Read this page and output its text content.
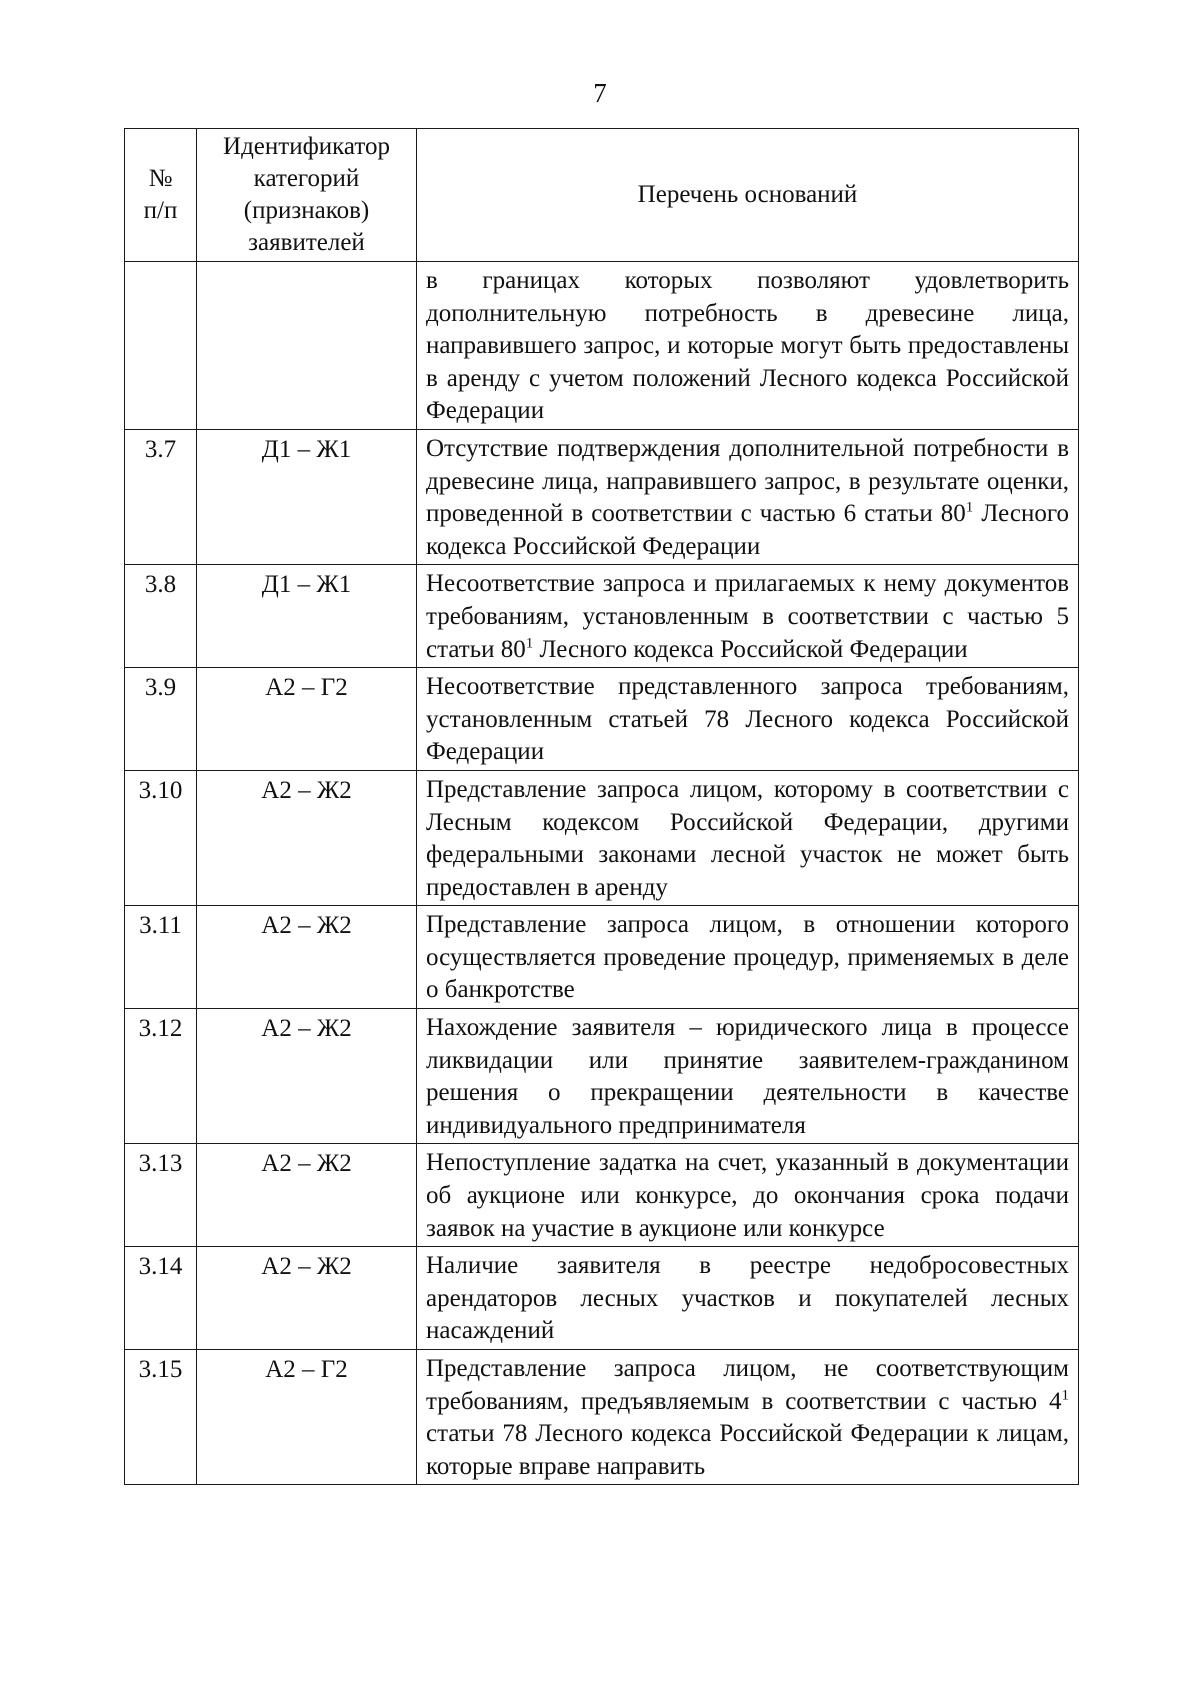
7
№ п/п	Идентификатор категорий (признаков) заявителей	Перечень оснований

		в границах которых позволяют удовлетворить дополнительную потребность в древесине лица, направившего запрос, и которые могут быть предоставлены в аренду с учетом положений Лесного кодекса Российской Федерации
3.7	Д1 – Ж1	Отсутствие подтверждения дополнительной потребности в древесине лица, направившего запрос, в результате оценки, проведенной в соответствии с частью 6 статьи $80^1$ Лесного кодекса Российской Федерации
3.8	Д1 – Ж1	Несоответствие запроса и прилагаемых к нему документов требованиям, установленным в соответствии с частью 5 статьи $80^1$ Лесного кодекса Российской Федерации
3.9	А2 – Г2	Несоответствие представленного запроса требованиям, установленным статьей 78 Лесного кодекса Российской Федерации
3.10	А2 – Ж2	Представление запроса лицом, которому в соответствии с Лесным кодексом Российской Федерации, другими федеральными законами лесной участок не может быть предоставлен в аренду
3.11	А2 – Ж2	Представление запроса лицом, в отношении которого осуществляется проведение процедур, применяемых в деле о банкротстве
3.12	А2 – Ж2	Нахождение заявителя – юридического лица в процессе ликвидации или принятие заявителем-гражданином решения о прекращении деятельности в качестве индивидуального предпринимателя
3.13	А2 – Ж2	Непоступление задатка на счет, указанный в документации об аукционе или конкурсе, до окончания срока подачи заявок на участие в аукционе или конкурсе
3.14	А2 – Ж2	Наличие заявителя в реестре недобросовестных арендаторов лесных участков и покупателей лесных насаждений
3.15	А2 – Г2	Представление запроса лицом, не соответствующим требованиям, предъявляемым в соответствии с частью $4^1$ статьи 78 Лесного кодекса Российской Федерации к лицам, которые вправе направить
